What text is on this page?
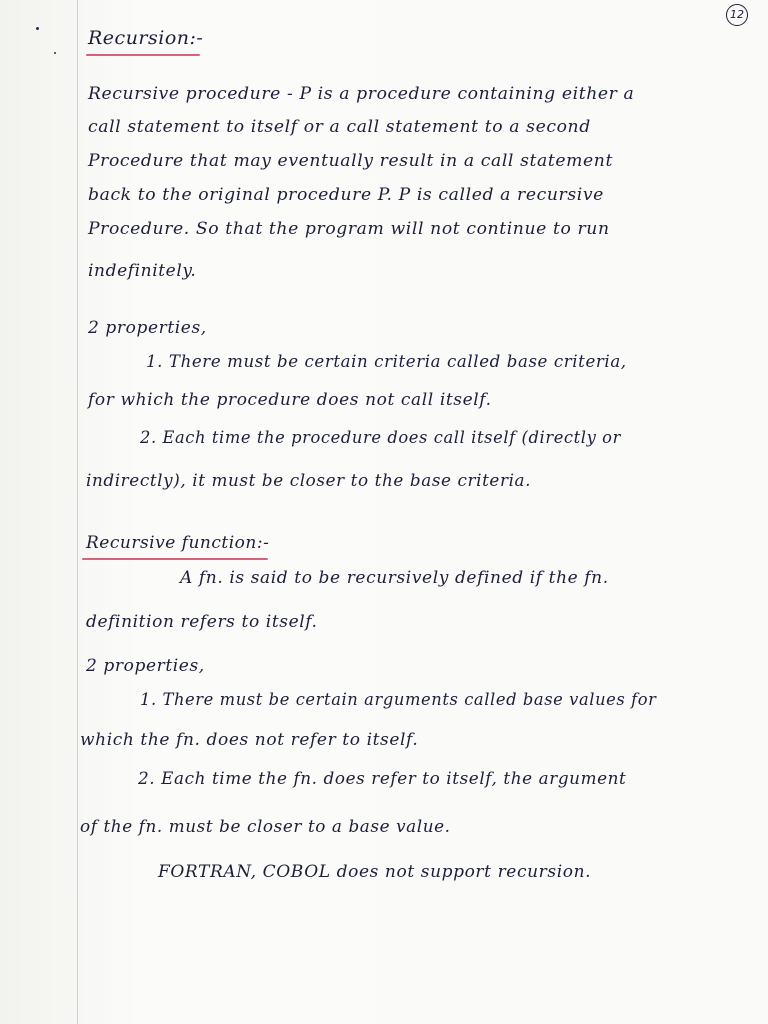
12
Recursion:-
Recursive procedure - P is a procedure containing either a
call statement to itself or a call statement to a second
Procedure that may eventually result in a call statement
back to the original procedure P. P is called a recursive
Procedure. So that the program will not continue to run
indefinitely.
2 properties,
1. There must be certain criteria called base criteria,
for which the procedure does not call itself.
2. Each time the procedure does call itself (directly or
indirectly), it must be closer to the base criteria.
Recursive function:-
A fn. is said to be recursively defined if the fn.
definition refers to itself.
2 properties,
1. There must be certain arguments called base values for
which the fn. does not refer to itself.
2. Each time the fn. does refer to itself, the argument
of the fn. must be closer to a base value.
FORTRAN, COBOL does not support recursion.
